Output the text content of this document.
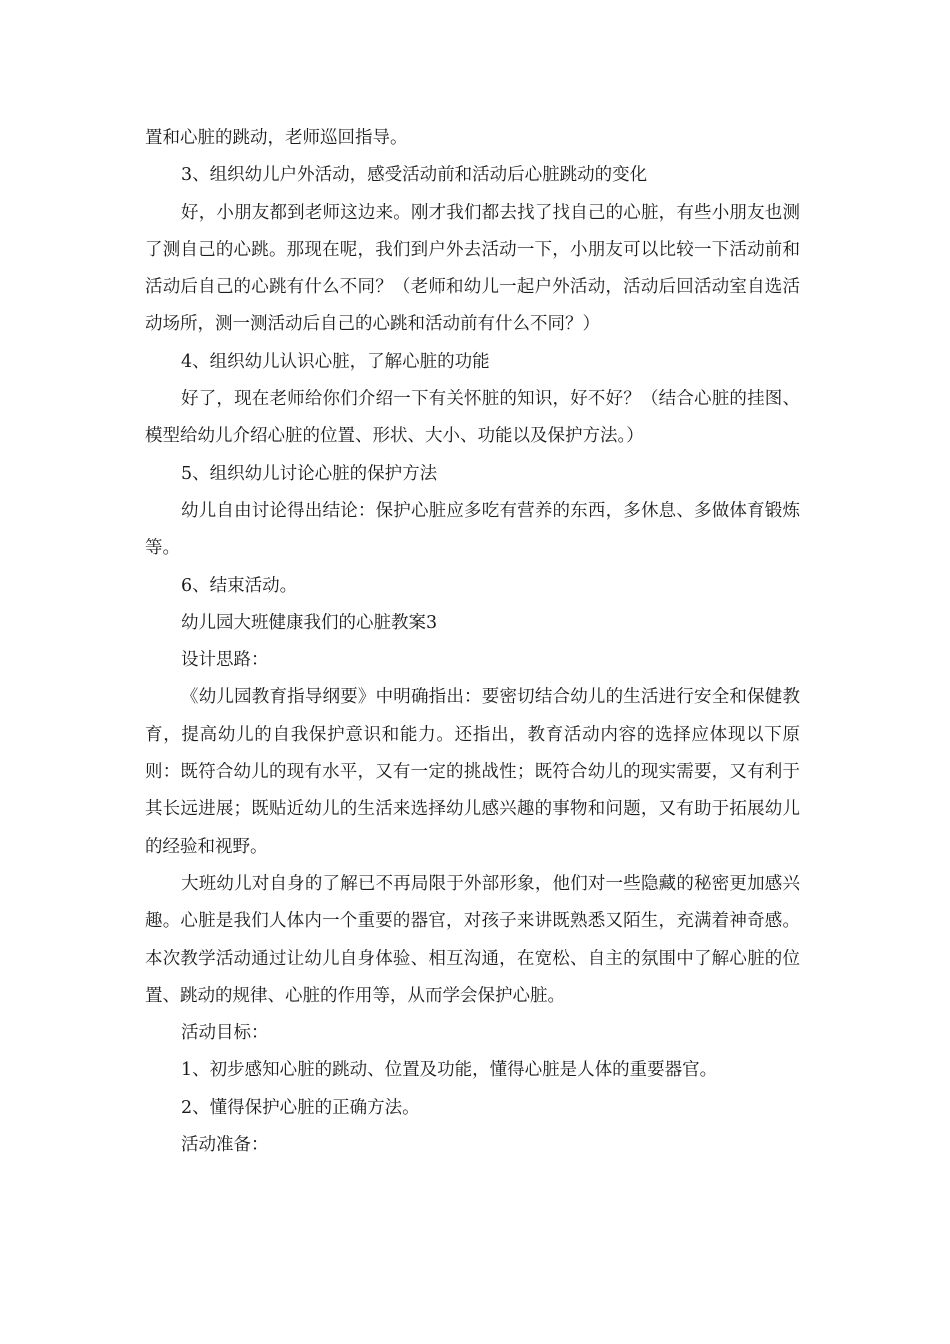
置和心脏的跳动，老师巡回指导。

3、组织幼儿户外活动，感受活动前和活动后心脏跳动的变化

好，小朋友都到老师这边来。刚才我们都去找了找自己的心脏，有些小朋友也测了测自己的心跳。那现在呢，我们到户外去活动一下，小朋友可以比较一下活动前和活动后自己的心跳有什么不同？（老师和幼儿一起户外活动，活动后回活动室自选活动场所，测一测活动后自己的心跳和活动前有什么不同？）

4、组织幼儿认识心脏，了解心脏的功能

好了，现在老师给你们介绍一下有关怀脏的知识，好不好？（结合心脏的挂图、模型给幼儿介绍心脏的位置、形状、大小、功能以及保护方法。）

5、组织幼儿讨论心脏的保护方法

幼儿自由讨论得出结论：保护心脏应多吃有营养的东西，多休息、多做体育锻炼等。

6、结束活动。

幼儿园大班健康我们的心脏教案3

设计思路：

《幼儿园教育指导纲要》中明确指出：要密切结合幼儿的生活进行安全和保健教育，提高幼儿的自我保护意识和能力。还指出，教育活动内容的选择应体现以下原则：既符合幼儿的现有水平，又有一定的挑战性；既符合幼儿的现实需要，又有利于其长远进展；既贴近幼儿的生活来选择幼儿感兴趣的事物和问题，又有助于拓展幼儿的经验和视野。

大班幼儿对自身的了解已不再局限于外部形象，他们对一些隐藏的秘密更加感兴趣。心脏是我们人体内一个重要的器官，对孩子来讲既熟悉又陌生，充满着神奇感。本次教学活动通过让幼儿自身体验、相互沟通，在宽松、自主的氛围中了解心脏的位置、跳动的规律、心脏的作用等，从而学会保护心脏。

活动目标：

1、初步感知心脏的跳动、位置及功能，懂得心脏是人体的重要器官。

2、懂得保护心脏的正确方法。

活动准备：
